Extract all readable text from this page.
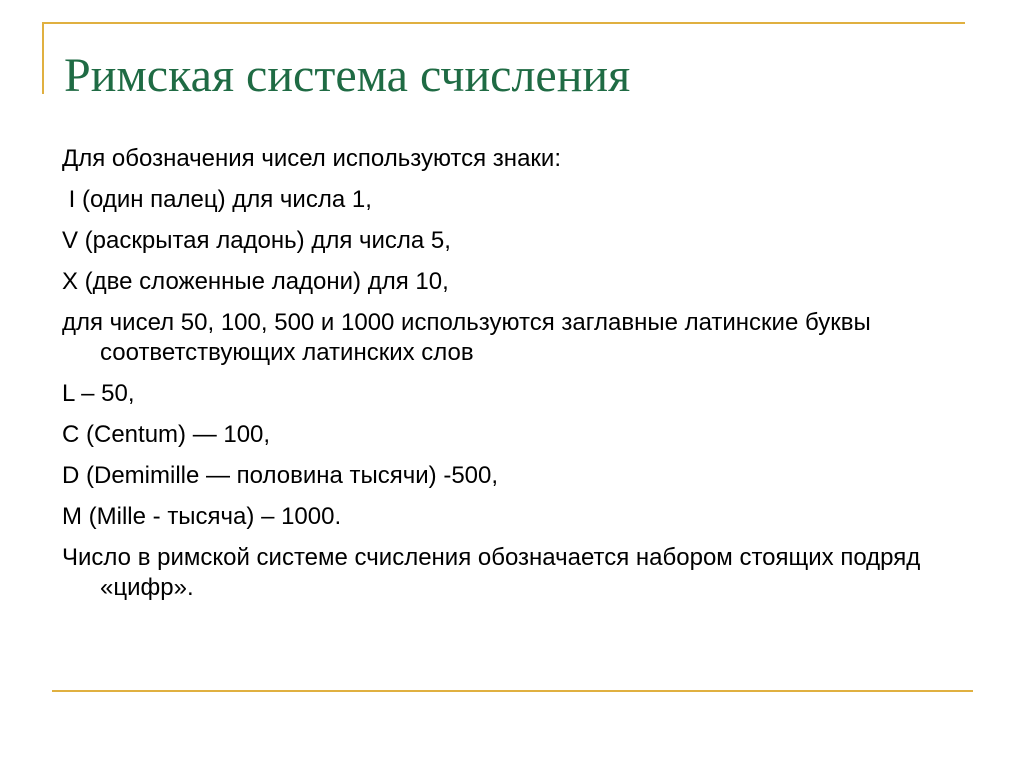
Римская система счисления
Для обозначения чисел используются знаки:
I (один палец) для числа 1,
V (раскрытая ладонь) для числа 5,
X (две сложенные ладони) для 10,
для чисел 50, 100, 500 и 1000 используются заглавные латинские буквы соответствующих латинских слов
L – 50,
C (Centum) — 100,
D (Demimille — половина тысячи) -500,
M (Mille - тысяча) – 1000.
Число в римской системе счисления обозначается набором стоящих подряд «цифр».
